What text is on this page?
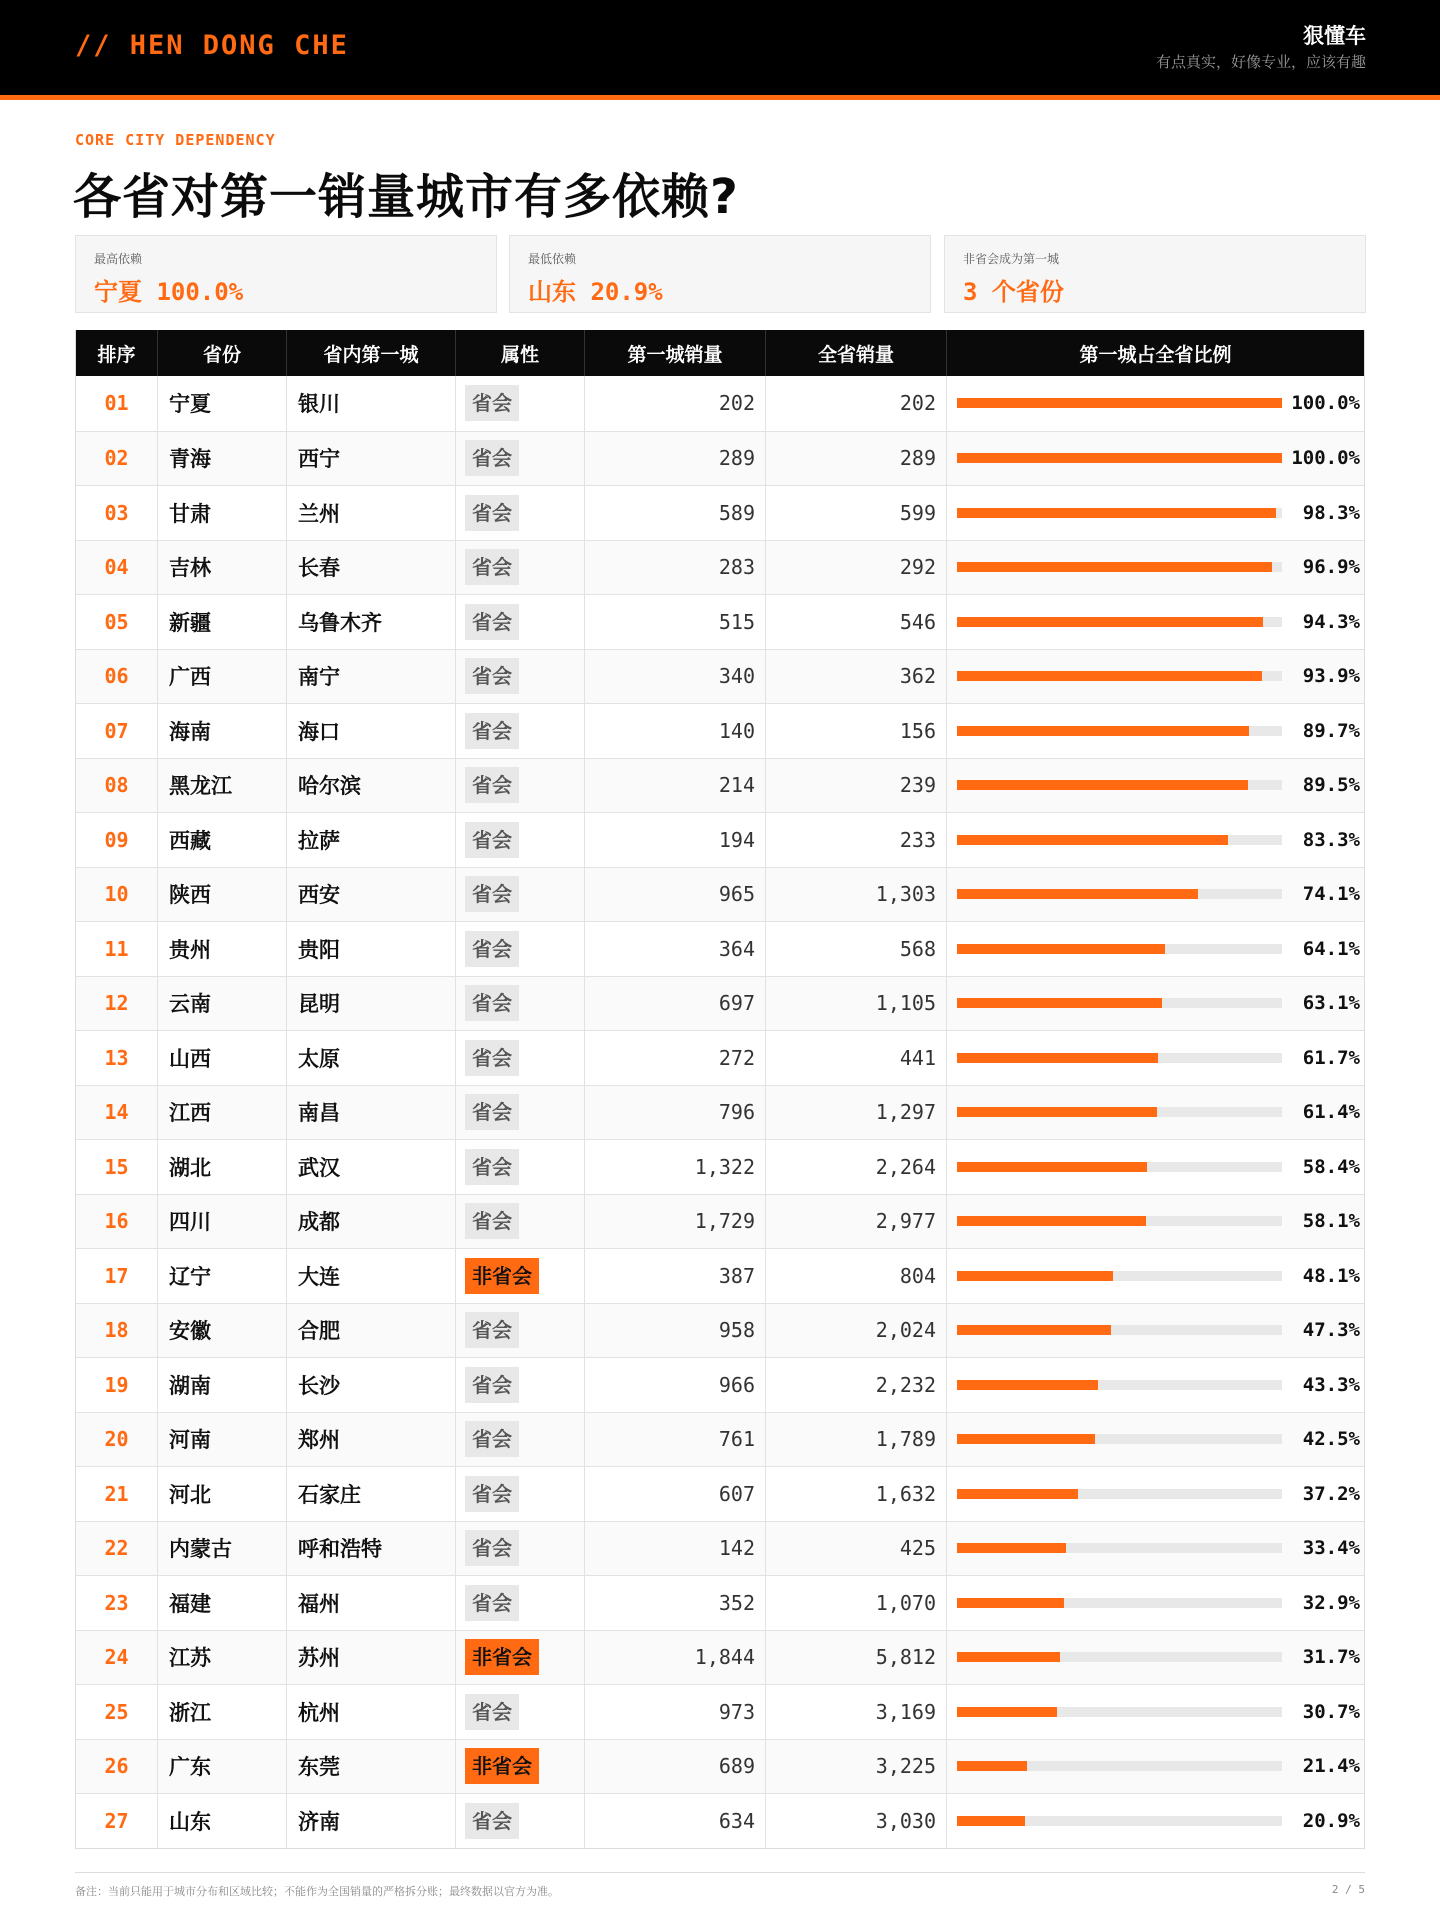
// HEN DONG CHE	狠懂车
有点真实，好像专业，应该有趣
CORE CITY DEPENDENCY
各省对第一销量城市有多依赖?
最高依赖
宁夏 100.0%
最低依赖
山东 20.9%
非省会成为第一城
3 个省份
排序	省份	省内第一城	属性	第一城销量	全省销量	第一城占全省比例
01	宁夏	银川	省会	202	202	100.0%
02	青海	西宁	省会	289	289	100.0%
03	甘肃	兰州	省会	589	599	98.3%
04	吉林	长春	省会	283	292	96.9%
05	新疆	乌鲁木齐	省会	515	546	94.3%
06	广西	南宁	省会	340	362	93.9%
07	海南	海口	省会	140	156	89.7%
08	黑龙江	哈尔滨	省会	214	239	89.5%
09	西藏	拉萨	省会	194	233	83.3%
10	陕西	西安	省会	965	1,303	74.1%
11	贵州	贵阳	省会	364	568	64.1%
12	云南	昆明	省会	697	1,105	63.1%
13	山西	太原	省会	272	441	61.7%
14	江西	南昌	省会	796	1,297	61.4%
15	湖北	武汉	省会	1,322	2,264	58.4%
16	四川	成都	省会	1,729	2,977	58.1%
17	辽宁	大连	非省会	387	804	48.1%
18	安徽	合肥	省会	958	2,024	47.3%
19	湖南	长沙	省会	966	2,232	43.3%
20	河南	郑州	省会	761	1,789	42.5%
21	河北	石家庄	省会	607	1,632	37.2%
22	内蒙古	呼和浩特	省会	142	425	33.4%
23	福建	福州	省会	352	1,070	32.9%
24	江苏	苏州	非省会	1,844	5,812	31.7%
25	浙江	杭州	省会	973	3,169	30.7%
26	广东	东莞	非省会	689	3,225	21.4%
27	山东	济南	省会	634	3,030	20.9%
备注：当前只能用于城市分布和区域比较；不能作为全国销量的严格拆分账；最终数据以官方为准。	2 / 5
